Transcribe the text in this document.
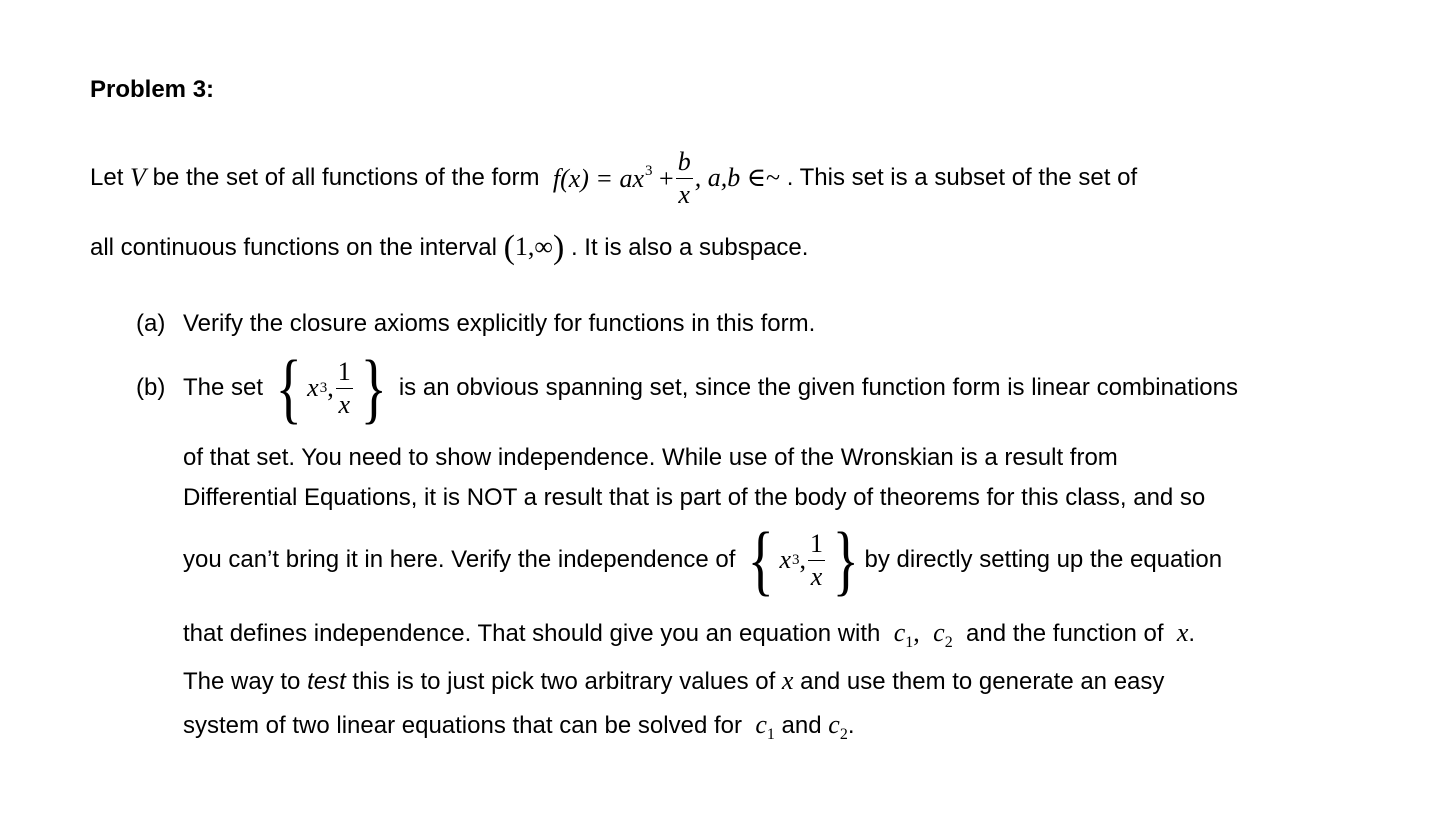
Problem 3:
Let
V
be the set of all functions of the form
$f(x) = ax^3 + \frac{b}{x}$ , a,b ∈ ~
. This set is a subset of the set of
all continuous functions on the interval
(1,∞)
. It is also a subspace.
(a) Verify the closure axioms explicitly for functions in this form.
(b) The set
{ x 3 , $\frac{1}{x}$ }
is an obvious spanning set, since the given function form is linear combinations
of that set. You need to show independence. While use of the Wronskian is a result from
Differential Equations, it is NOT a result that is part of the body of theorems for this class, and so
you can’t bring it in here. Verify the independence of
{ x 3 , $\frac{1}{x}$ } by directly setting up the equation
that defines independence. That should give you an equation with $c_1$, $c_2$ and the function of x.
The way to test this is to just pick two arbitrary values of x and use them to generate an easy
system of two linear equations that can be solved for $c_1$ and $c_2$.
